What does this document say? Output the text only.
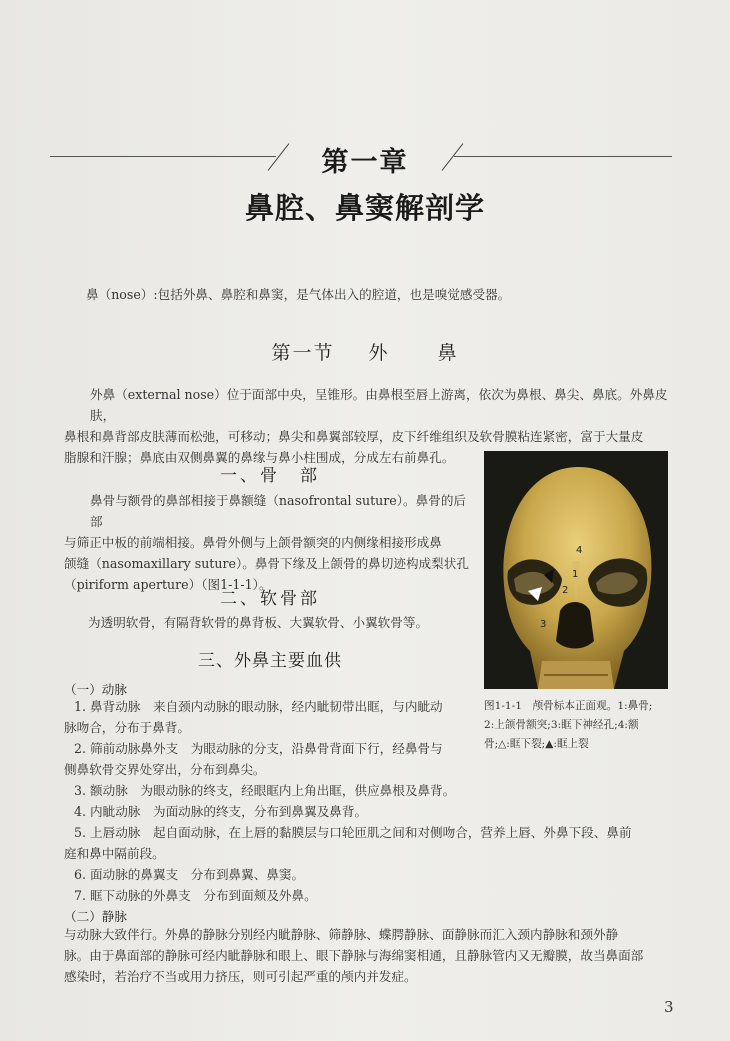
第一章
鼻腔、鼻窦解剖学
鼻（nose）:包括外鼻、鼻腔和鼻窦，是气体出入的腔道，也是嗅觉感受器。
第一节 外	鼻
外鼻（external nose）位于面部中央，呈锥形。由鼻根至唇上游离，依次为鼻根、鼻尖、鼻底。外鼻皮肤，
鼻根和鼻背部皮肤薄而松弛，可移动；鼻尖和鼻翼部较厚，皮下纤维组织及软骨膜粘连紧密，富于大量皮
脂腺和汗腺；鼻底由双侧鼻翼的鼻缘与鼻小柱围成，分成左右前鼻孔。
一、骨　部
鼻骨与额骨的鼻部相接于鼻额缝（nasofrontal suture）。鼻骨的后部
与筛正中板的前端相接。鼻骨外侧与上颌骨额突的内侧缘相接形成鼻
颌缝（nasomaxillary suture）。鼻骨下缘及上颌骨的鼻切迹构成梨状孔
（piriform aperture）（图1-1-1）。
二、软骨部
为透明软骨，有隔背软骨的鼻背板、大翼软骨、小翼软骨等。
三、外鼻主要血供
（一）动脉
1. 鼻背动脉　来自颈内动脉的眼动脉，经内眦韧带出眶，与内眦动
脉吻合，分布于鼻背。
2. 筛前动脉鼻外支　为眼动脉的分支，沿鼻骨背面下行，经鼻骨与
侧鼻软骨交界处穿出，分布到鼻尖。
3. 额动脉　为眼动脉的终支，经眼眶内上角出眶，供应鼻根及鼻背。
4. 内眦动脉　为面动脉的终支，分布到鼻翼及鼻背。
5. 上唇动脉　起自面动脉，在上唇的黏膜层与口轮匝肌之间和对侧吻合，营养上唇、外鼻下段、鼻前
庭和鼻中隔前段。
6. 面动脉的鼻翼支　分布到鼻翼、鼻窦。
7. 眶下动脉的外鼻支　分布到面颊及外鼻。
（二）静脉
与动脉大致伴行。外鼻的静脉分别经内眦静脉、筛静脉、蝶腭静脉、面静脉而汇入颈内静脉和颈外静
脉。由于鼻面部的静脉可经内眦静脉和眼上、眼下静脉与海绵窦相通，且静脉管内又无瓣膜，故当鼻面部
感染时，若治疗不当或用力挤压，则可引起严重的颅内并发症。
4
1
2
3
图1-1-1　颅骨标本正面观。1:鼻骨;
2:上颌骨额突;3:眶下神经孔;4:额
骨;△:眶下裂;▲:眶上裂
3
